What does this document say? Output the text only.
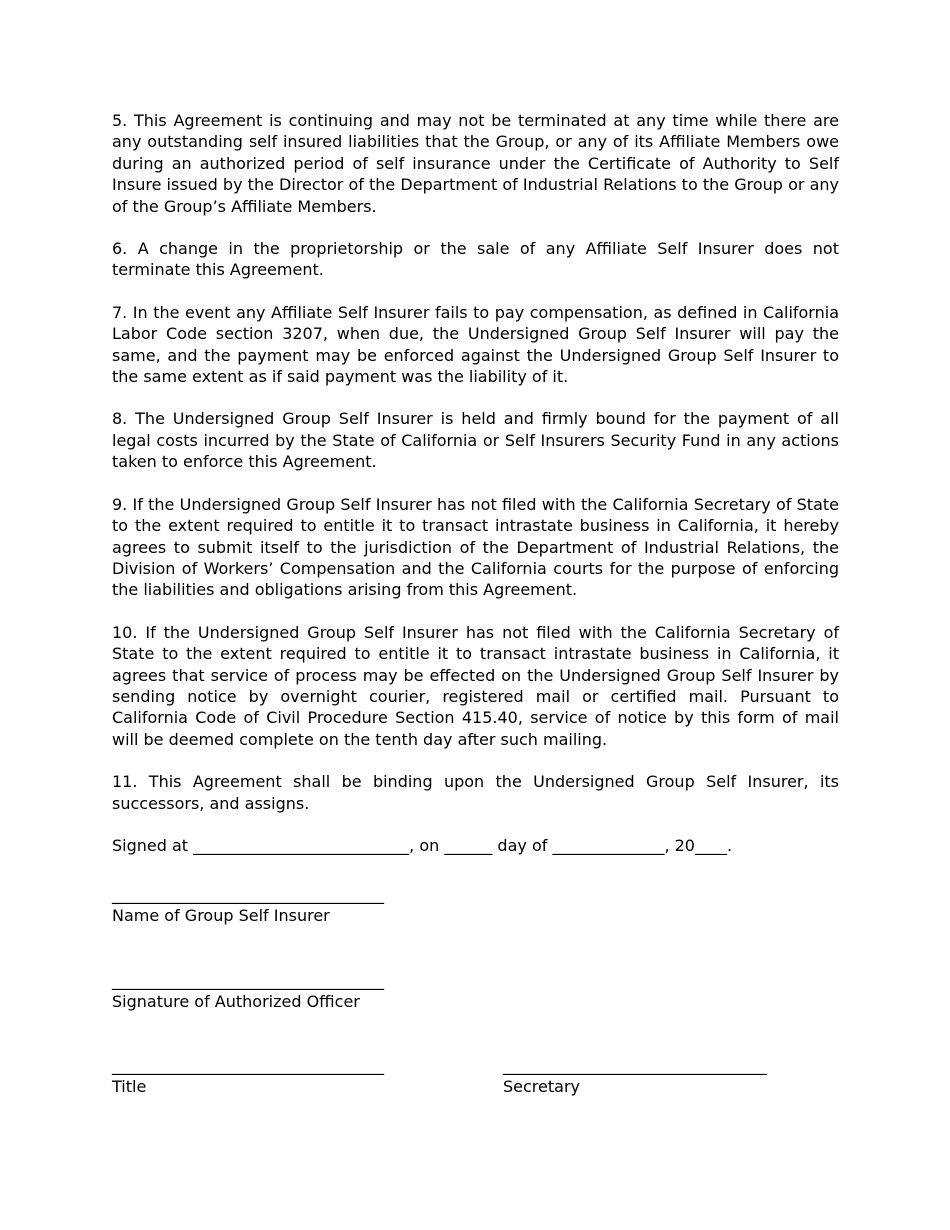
5. This Agreement is continuing and may not be terminated at any time while there are any outstanding self insured liabilities that the Group, or any of its Affiliate Members owe during an authorized period of self insurance under the Certificate of Authority to Self Insure issued by the Director of the Department of Industrial Relations to the Group or any of the Group’s Affiliate Members.

6. A change in the proprietorship or the sale of any Affiliate Self Insurer does not terminate this Agreement.

7. In the event any Affiliate Self Insurer fails to pay compensation, as defined in California Labor Code section 3207, when due, the Undersigned Group Self Insurer will pay the same, and the payment may be enforced against the Undersigned Group Self Insurer to the same extent as if said payment was the liability of it.

8. The Undersigned Group Self Insurer is held and firmly bound for the payment of all legal costs incurred by the State of California or Self Insurers Security Fund in any actions taken to enforce this Agreement.

9. If the Undersigned Group Self Insurer has not filed with the California Secretary of State to the extent required to entitle it to transact intrastate business in California, it hereby agrees to submit itself to the jurisdiction of the Department of Industrial Relations, the Division of Workers’ Compensation and the California courts for the purpose of enforcing the liabilities and obligations arising from this Agreement.

10. If the Undersigned Group Self Insurer has not filed with the California Secretary of State to the extent required to entitle it to transact intrastate business in California, it agrees that service of process may be effected on the Undersigned Group Self Insurer by sending notice by overnight courier, registered mail or certified mail. Pursuant to California Code of Civil Procedure Section 415.40, service of notice by this form of mail will be deemed complete on the tenth day after such mailing.

11. This Agreement shall be binding upon the Undersigned Group Self Insurer, its successors, and assigns.

Signed at ___________________________, on ______ day of ______________, 20____.

__________________________________
Name of Group Self Insurer
__________________________________
Signature of Authorized Officer
__________________________________
Title
_________________________________
Secretary
